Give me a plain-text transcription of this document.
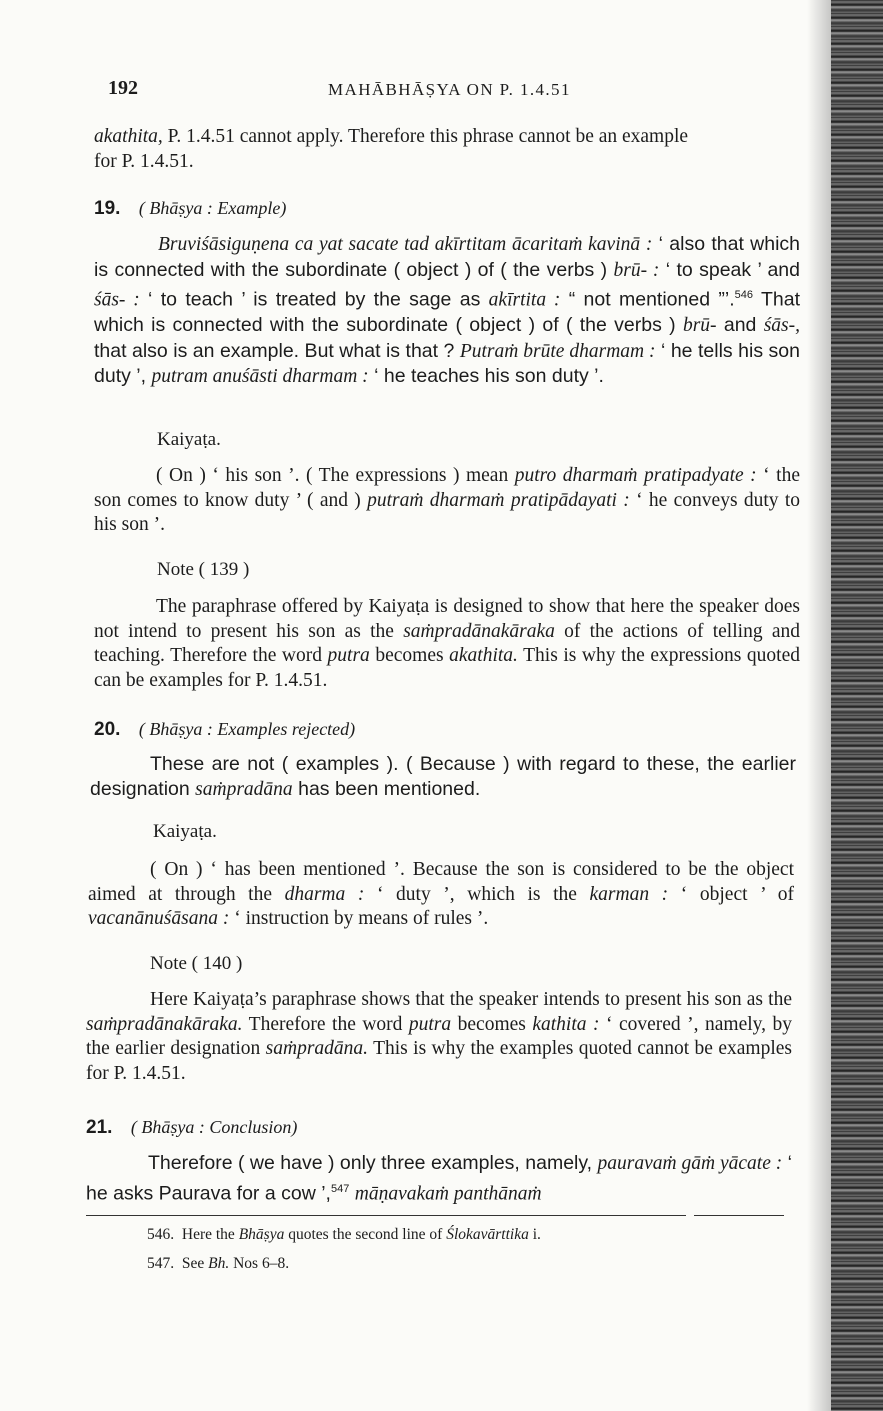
192	MAHĀBHĀṢYA ON P. 1.4.51

akathita, P. 1.4.51 cannot apply. Therefore this phrase cannot be an example
for P. 1.4.51.

19. ( Bhāṣya : Example)

Bruviśāsiguṇena ca yat sacate tad akīrtitam ācaritaṁ kavinā : ‘ also that which is connected with the subordinate ( object ) of ( the verbs ) brū- : ‘ to speak ’ and śās- : ‘ to teach ’ is treated by the sage as akīrtita : “ not mentioned ”’.$^{546}$ That which is connected with the subordinate ( object ) of ( the verbs ) brū- and śās-, that also is an example. But what is that ? Putraṁ brūte dharmam : ‘ he tells his son duty ’, putram anuśāsti dharmam : ‘ he teaches his son duty ’.

Kaiyaṭa.

( On ) ‘ his son ’. ( The expressions ) mean putro dharmaṁ pratipadyate : ‘ the son comes to know duty ’ ( and ) putraṁ dharmaṁ pratipādayati : ‘ he conveys duty to his son ’.

Note ( 139 )

The paraphrase offered by Kaiyaṭa is designed to show that here the speaker does not intend to present his son as the saṁpradānakāraka of the actions of telling and teaching. Therefore the word putra becomes akathita. This is why the expressions quoted can be examples for P. 1.4.51.

20. ( Bhāṣya : Examples rejected)

These are not ( examples ). ( Because ) with regard to these, the earlier designation saṁpradāna has been mentioned.

Kaiyaṭa.

( On ) ‘ has been mentioned ’. Because the son is considered to be the object aimed at through the dharma : ‘ duty ’, which is the karman : ‘ object ’ of vacanānuśāsana : ‘ instruction by means of rules ’.

Note ( 140 )

Here Kaiyaṭa’s paraphrase shows that the speaker intends to present his son as the saṁpradānakāraka. Therefore the word putra becomes kathita : ‘ covered ’, namely, by the earlier designation saṁpradāna. This is why the examples quoted cannot be examples for P. 1.4.51.

21. ( Bhāṣya : Conclusion)

Therefore ( we have ) only three examples, namely, pauravaṁ gāṁ yācate : ‘ he asks Paurava for a cow ’,$^{547}$ māṇavakaṁ panthānaṁ

546. Here the Bhāṣya quotes the second line of Ślokavārttika i.

547. See Bh. Nos 6–8.
